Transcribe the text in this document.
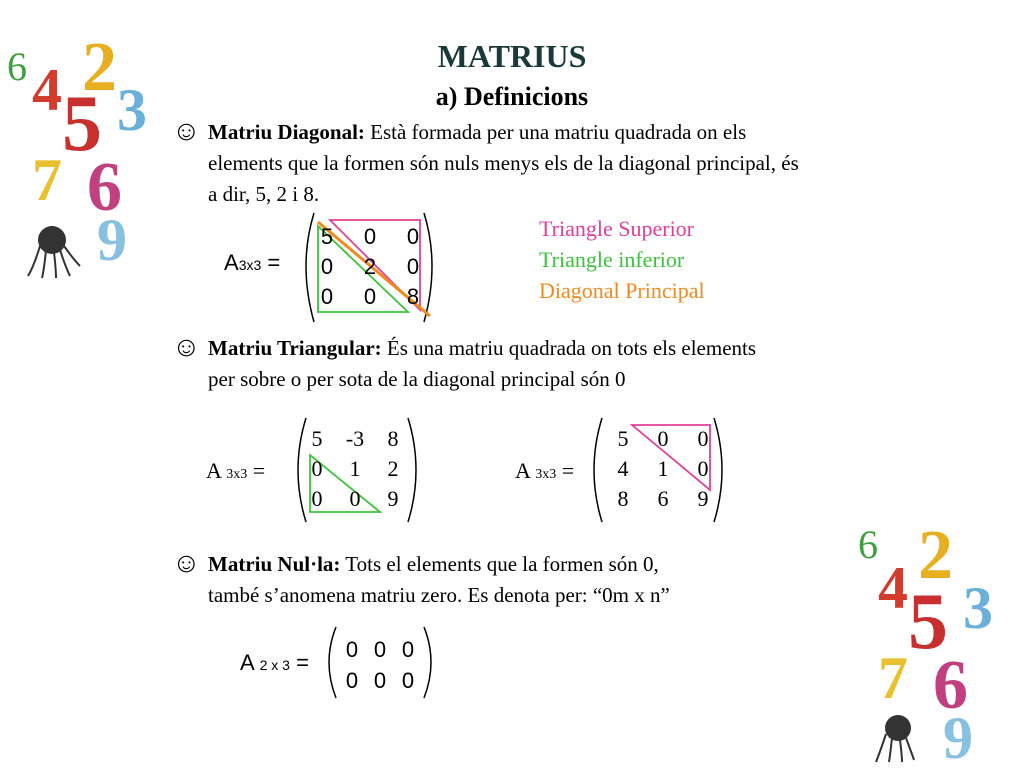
4 2
5 3
7 6
9
6
4 2
5 3
7 6
9
6
MATRIUS
a) Definicions
☺ Matriu Diagonal: Està formada per una matriu quadrada on els
elements que la formen són nuls menys els de la diagonal principal, és
a dir, 5, 2 i 8.
A3x3 =
5	0	0
0	2	0
0	0	8
Triangle Superior
Triangle inferior
Diagonal Principal
☺ Matriu Triangular: És una matriu quadrada on tots els elements
per sobre o per sota de la diagonal principal són 0
A 3x3 =	A 3x3 =
5	-3	8
0	1	2
0	0	9
5	0	0
4	1	0
8	6	9
☺ Matriu Nul·la: Tots el elements que la formen són 0,
també s’anomena matriu zero. Es denota per: “0m x n”
A 2 x 3 =
0 0 0
0 0 0
